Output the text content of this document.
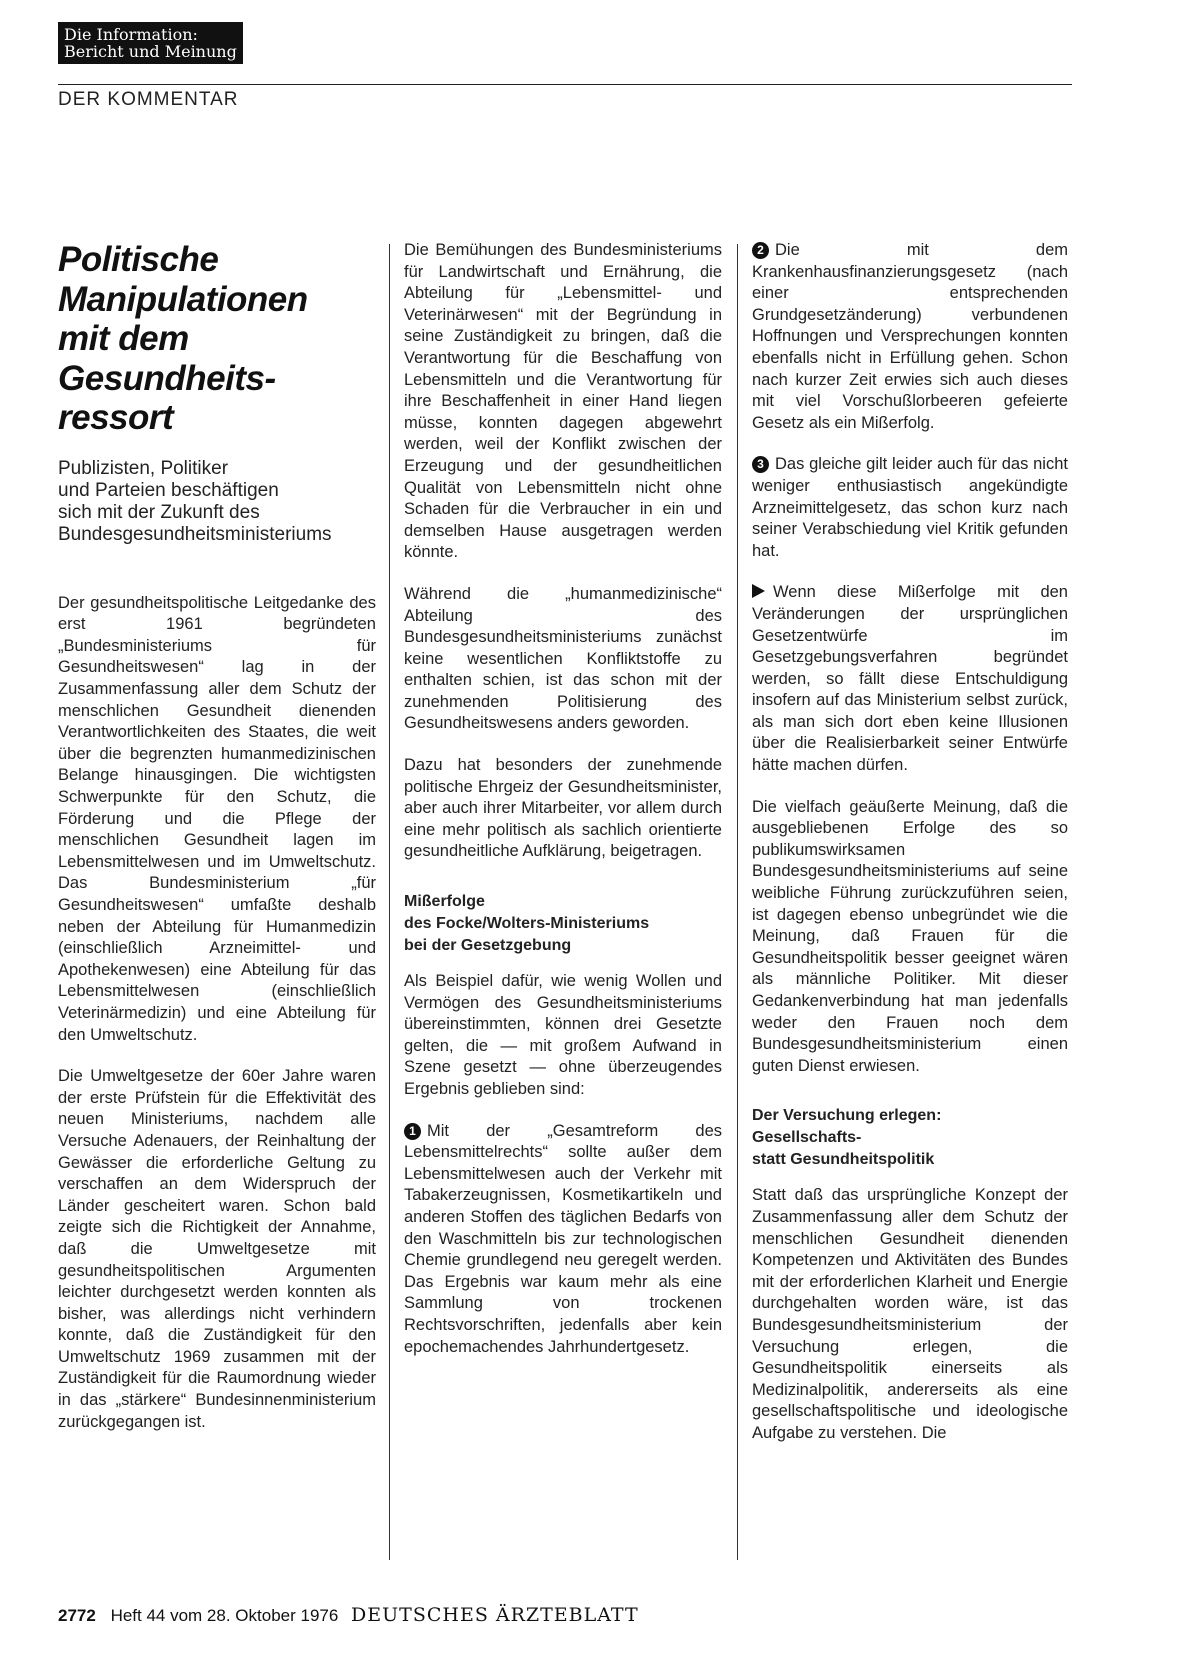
Die Information:
Bericht und Meinung
DER KOMMENTAR
Politische
Manipulationen
mit dem
Gesundheits-
ressort
Publizisten, Politiker
und Parteien beschäftigen
sich mit der Zukunft des
Bundesgesundheitsministeriums

Der gesundheitspolitische Leitgedanke des erst 1961 begründeten „Bundesministeriums für Gesundheitswesen“ lag in der Zusammenfassung aller dem Schutz der menschlichen Gesundheit dienenden Verantwortlichkeiten des Staates, die weit über die begrenzten humanmedizinischen Belange hinausgingen. Die wichtigsten Schwerpunkte für den Schutz, die Förderung und die Pflege der menschlichen Gesundheit lagen im Lebensmittelwesen und im Umweltschutz. Das Bundesministerium „für Gesundheitswesen“ umfaßte deshalb neben der Abteilung für Humanmedizin (einschließlich Arzneimittel- und Apothekenwesen) eine Abteilung für das Lebensmittelwesen (einschließlich Veterinärmedizin) und eine Abteilung für den Umweltschutz.

Die Umweltgesetze der 60er Jahre waren der erste Prüfstein für die Effektivität des neuen Ministeriums, nachdem alle Versuche Adenauers, der Reinhaltung der Gewässer die erforderliche Geltung zu verschaffen an dem Widerspruch der Länder gescheitert waren. Schon bald zeigte sich die Richtigkeit der Annahme, daß die Umweltgesetze mit gesundheitspolitischen Argumenten leichter durchgesetzt werden konnten als bisher, was allerdings nicht verhindern konnte, daß die Zuständigkeit für den Umweltschutz 1969 zusammen mit der Zuständigkeit für die Raumordnung wieder in das „stärkere“ Bundesinnenministerium zurückgegangen ist.

Die Bemühungen des Bundesministeriums für Landwirtschaft und Ernährung, die Abteilung für „Lebensmittel- und Veterinärwesen“ mit der Begründung in seine Zuständigkeit zu bringen, daß die Verantwortung für die Beschaffung von Lebensmitteln und die Verantwortung für ihre Beschaffenheit in einer Hand liegen müsse, konnten dagegen abgewehrt werden, weil der Konflikt zwischen der Erzeugung und der gesundheitlichen Qualität von Lebensmitteln nicht ohne Schaden für die Verbraucher in ein und demselben Hause ausgetragen werden könnte.

Während die „humanmedizinische“ Abteilung des Bundesgesundheitsministeriums zunächst keine wesentlichen Konfliktstoffe zu enthalten schien, ist das schon mit der zunehmenden Politisierung des Gesundheitswesens anders geworden.

Dazu hat besonders der zunehmende politische Ehrgeiz der Gesundheitsminister, aber auch ihrer Mitarbeiter, vor allem durch eine mehr politisch als sachlich orientierte gesundheitliche Aufklärung, beigetragen.

Mißerfolge
des Focke/Wolters-Ministeriums
bei der Gesetzgebung

Als Beispiel dafür, wie wenig Wollen und Vermögen des Gesundheitsministeriums übereinstimmten, können drei Gesetzte gelten, die — mit großem Aufwand in Szene gesetzt — ohne überzeugendes Ergebnis geblieben sind:

1 Mit der „Gesamtreform des Lebensmittelrechts“ sollte außer dem Lebensmittelwesen auch der Verkehr mit Tabakerzeugnissen, Kosmetikartikeln und anderen Stoffen des täglichen Bedarfs von den Waschmitteln bis zur technologischen Chemie grundlegend neu geregelt werden. Das Ergebnis war kaum mehr als eine Sammlung von trockenen Rechtsvorschriften, jedenfalls aber kein epochemachendes Jahrhundertgesetz.

2 Die mit dem Krankenhausfinanzierungsgesetz (nach einer entsprechenden Grundgesetzänderung) verbundenen Hoffnungen und Versprechungen konnten ebenfalls nicht in Erfüllung gehen. Schon nach kurzer Zeit erwies sich auch dieses mit viel Vorschußlorbeeren gefeierte Gesetz als ein Mißerfolg.

3 Das gleiche gilt leider auch für das nicht weniger enthusiastisch angekündigte Arzneimittelgesetz, das schon kurz nach seiner Verabschiedung viel Kritik gefunden hat.

Wenn diese Mißerfolge mit den Veränderungen der ursprünglichen Gesetzentwürfe im Gesetzgebungsverfahren begründet werden, so fällt diese Entschuldigung insofern auf das Ministerium selbst zurück, als man sich dort eben keine Illusionen über die Realisierbarkeit seiner Entwürfe hätte machen dürfen.

Die vielfach geäußerte Meinung, daß die ausgebliebenen Erfolge des so publikumswirksamen Bundesgesundheitsministeriums auf seine weibliche Führung zurückzuführen seien, ist dagegen ebenso unbegründet wie die Meinung, daß Frauen für die Gesundheitspolitik besser geeignet wären als männliche Politiker. Mit dieser Gedankenverbindung hat man jedenfalls weder den Frauen noch dem Bundesgesundheitsministerium einen guten Dienst erwiesen.

Der Versuchung erlegen:
Gesellschafts-
statt Gesundheitspolitik

Statt daß das ursprüngliche Konzept der Zusammenfassung aller dem Schutz der menschlichen Gesundheit dienenden Kompetenzen und Aktivitäten des Bundes mit der erforderlichen Klarheit und Energie durchgehalten worden wäre, ist das Bundesgesundheitsministerium der Versuchung erlegen, die Gesundheitspolitik einerseits als Medizinalpolitik, andererseits als eine gesellschaftspolitische und ideologische Aufgabe zu verstehen. Die

2772 Heft 44 vom 28. Oktober 1976 DEUTSCHES ÄRZTEBLATT
